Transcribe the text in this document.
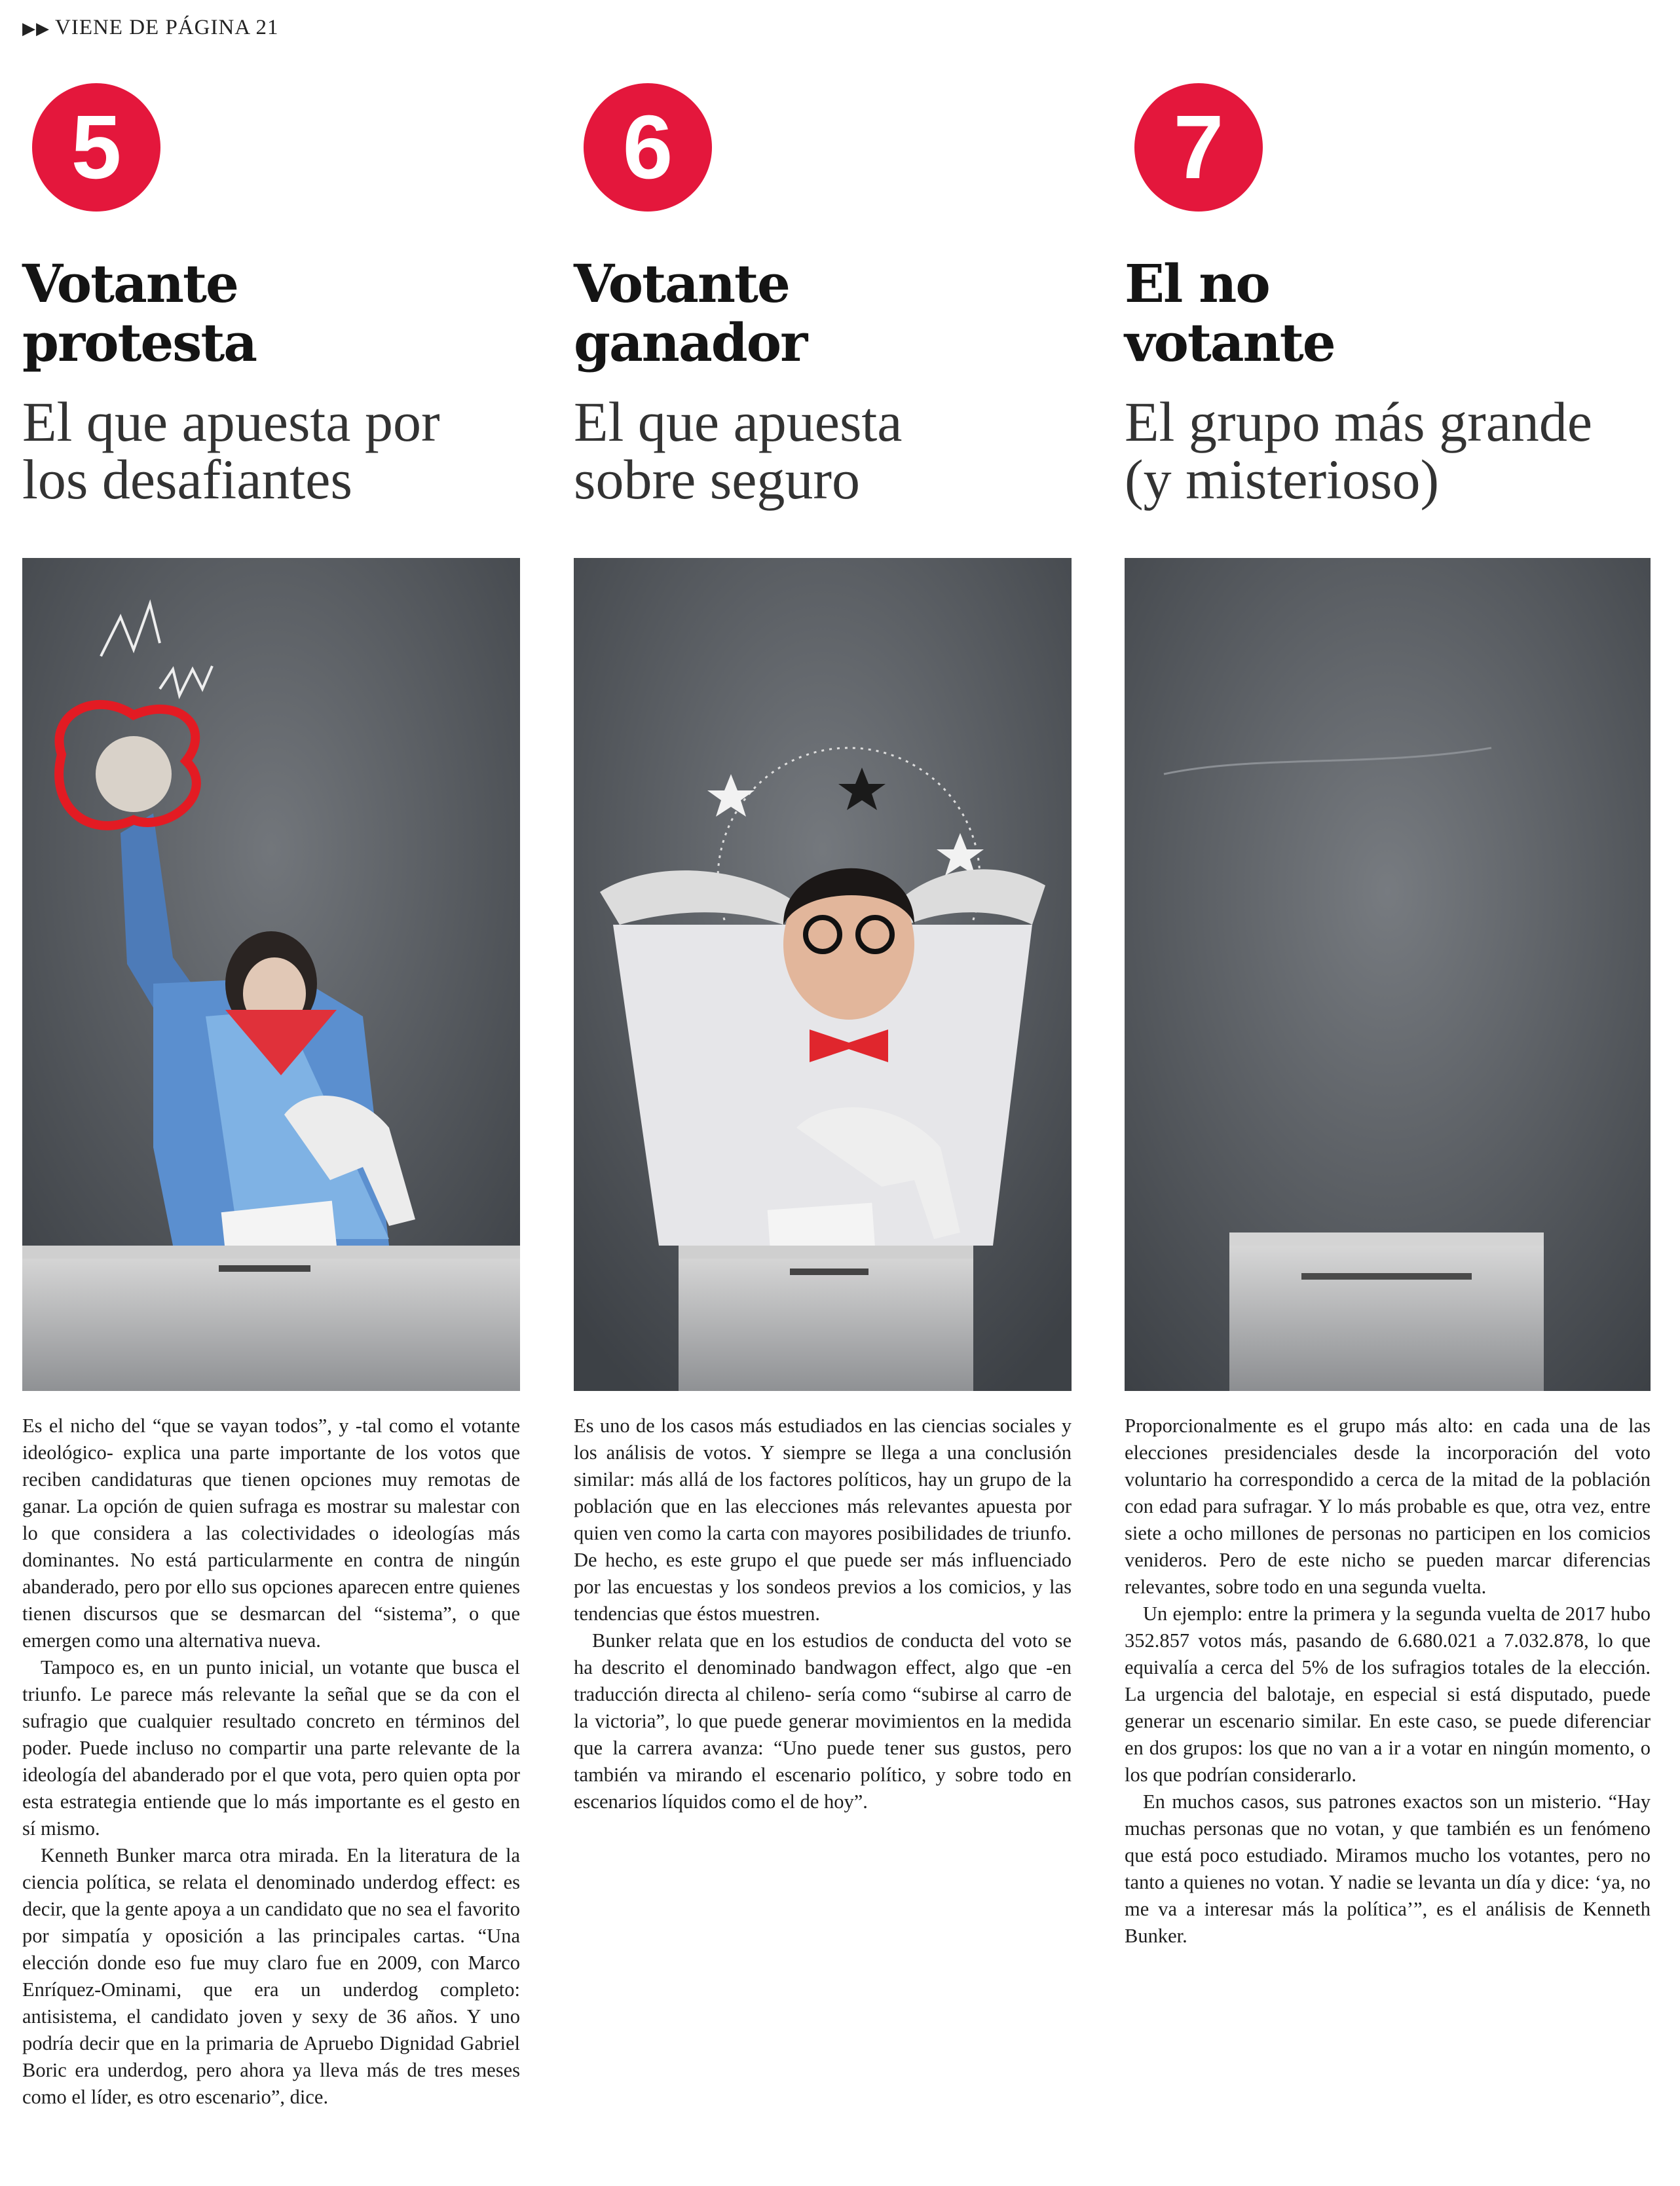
▶▶ VIENE DE PÁGINA 21
5
Votante
protesta
El que apuesta por
los desafiantes

Es el nicho del “que se vayan todos”, y -tal como el votante ideológico- explica una parte importante de los votos que reciben candidaturas que tienen opciones muy remotas de ganar. La opción de quien sufraga es mostrar su malestar con lo que considera a las colectividades o ideologías más dominantes. No está particularmente en contra de ningún abanderado, pero por ello sus opciones aparecen entre quienes tienen discursos que se desmarcan del “sistema”, o que emergen como una alternativa nueva.

Tampoco es, en un punto inicial, un votante que busca el triunfo. Le parece más relevante la señal que se da con el sufragio que cualquier resultado concreto en términos del poder. Puede incluso no compartir una parte relevante de la ideología del abanderado por el que vota, pero quien opta por esta estrategia entiende que lo más importante es el gesto en sí mismo.

Kenneth Bunker marca otra mirada. En la literatura de la ciencia política, se relata el denominado underdog effect: es decir, que la gente apoya a un candidato que no sea el favorito por simpatía y oposición a las principales cartas. “Una elección donde eso fue muy claro fue en 2009, con Marco Enríquez-Ominami, que era un underdog completo: antisistema, el candidato joven y sexy de 36 años. Y uno podría decir que en la primaria de Apruebo Dignidad Gabriel Boric era underdog, pero ahora ya lleva más de tres meses como el líder, es otro escenario”, dice.

6
Votante
ganador
El que apuesta
sobre seguro

Es uno de los casos más estudiados en las ciencias sociales y los análisis de votos. Y siempre se llega a una conclusión similar: más allá de los factores políticos, hay un grupo de la población que en las elecciones más relevantes apuesta por quien ven como la carta con mayores posibilidades de triunfo. De hecho, es este grupo el que puede ser más influenciado por las encuestas y los sondeos previos a los comicios, y las tendencias que éstos muestren.

Bunker relata que en los estudios de conducta del voto se ha descrito el denominado bandwagon effect, algo que -en traducción directa al chileno- sería como “subirse al carro de la victoria”, lo que puede generar movimientos en la medida que la carrera avanza: “Uno puede tener sus gustos, pero también va mirando el escenario político, y sobre todo en escenarios líquidos como el de hoy”.

7
El no
votante
El grupo más grande
(y misterioso)

Proporcionalmente es el grupo más alto: en cada una de las elecciones presidenciales desde la incorporación del voto voluntario ha correspondido a cerca de la mitad de la población con edad para sufragar. Y lo más probable es que, otra vez, entre siete a ocho millones de personas no participen en los comicios venideros. Pero de este nicho se pueden marcar diferencias relevantes, sobre todo en una segunda vuelta.

Un ejemplo: entre la primera y la segunda vuelta de 2017 hubo 352.857 votos más, pasando de 6.680.021 a 7.032.878, lo que equivalía a cerca del 5% de los sufragios totales de la elección. La urgencia del balotaje, en especial si está disputado, puede generar un escenario similar. En este caso, se puede diferenciar en dos grupos: los que no van a ir a votar en ningún momento, o los que podrían considerarlo.

En muchos casos, sus patrones exactos son un misterio. “Hay muchas personas que no votan, y que también es un fenómeno que está poco estudiado. Miramos mucho los votantes, pero no tanto a quienes no votan. Y nadie se levanta un día y dice: ‘ya, no me va a interesar más la política’”, es el análisis de Kenneth Bunker.
